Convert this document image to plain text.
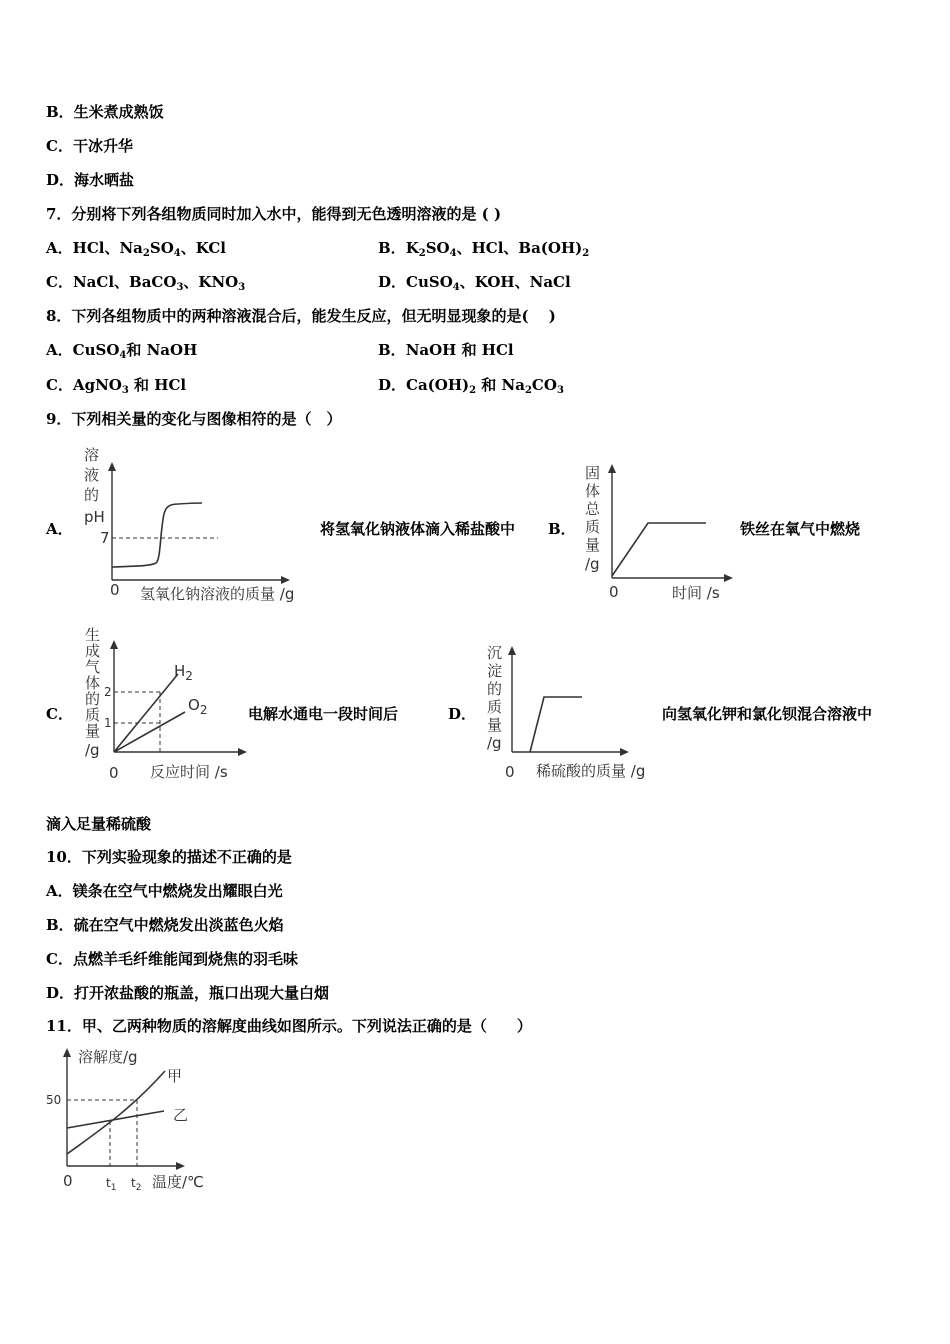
B．生米煮成熟饭
C．干冰升华
D．海水晒盐
7．分别将下列各组物质同时加入水中，能得到无色透明溶液的是 ( )
A．HCl、$Na_2SO_4$、KCl	B．$K_2SO_4$、HCl、$Ba(OH)_2$
C．NaCl、BaCO$_3$、$KNO_3$	D．CuSO$_4$、KOH、NaCl
8．下列各组物质中的两种溶液混合后，能发生反应，但无明显现象的是(　 )
A．CuSO$_4$和 NaOH	B．NaOH 和 HCl
C．AgNO$_3$ 和 HCl	D．$Ca(OH)_2$ 和 $Na_2CO_3$
9．下列相关量的变化与图像相符的是（　）
A．
溶
液
的
pH
7
0 氢氧化钠溶液的质量 /g
将氢氧化钠液体滴入稀盐酸中 B．
固
体
总
质
量
/g
0	时间 /s
铁丝在氧气中燃烧
C．
生
成
气
体
的
质
量
/g
2
1
$H_2$
$O_2$
0 反应时间 /s
电解水通电一段时间后	D．
沉
淀
的
质
量
/g
0 稀硫酸的质量 /g
向氢氧化钾和氯化钡混合溶液中
滴入足量稀硫酸
10．下列实验现象的描述不正确的是
A．镁条在空气中燃烧发出耀眼白光
B．硫在空气中燃烧发出淡蓝色火焰
C．点燃羊毛纤维能闻到烧焦的羽毛味
D．打开浓盐酸的瓶盖，瓶口出现大量白烟
11．甲、乙两种物质的溶解度曲线如图所示。下列说法正确的是（　　）
溶解度/g
50
甲
乙
0	$t_1$ $t_2$ 温度/℃
